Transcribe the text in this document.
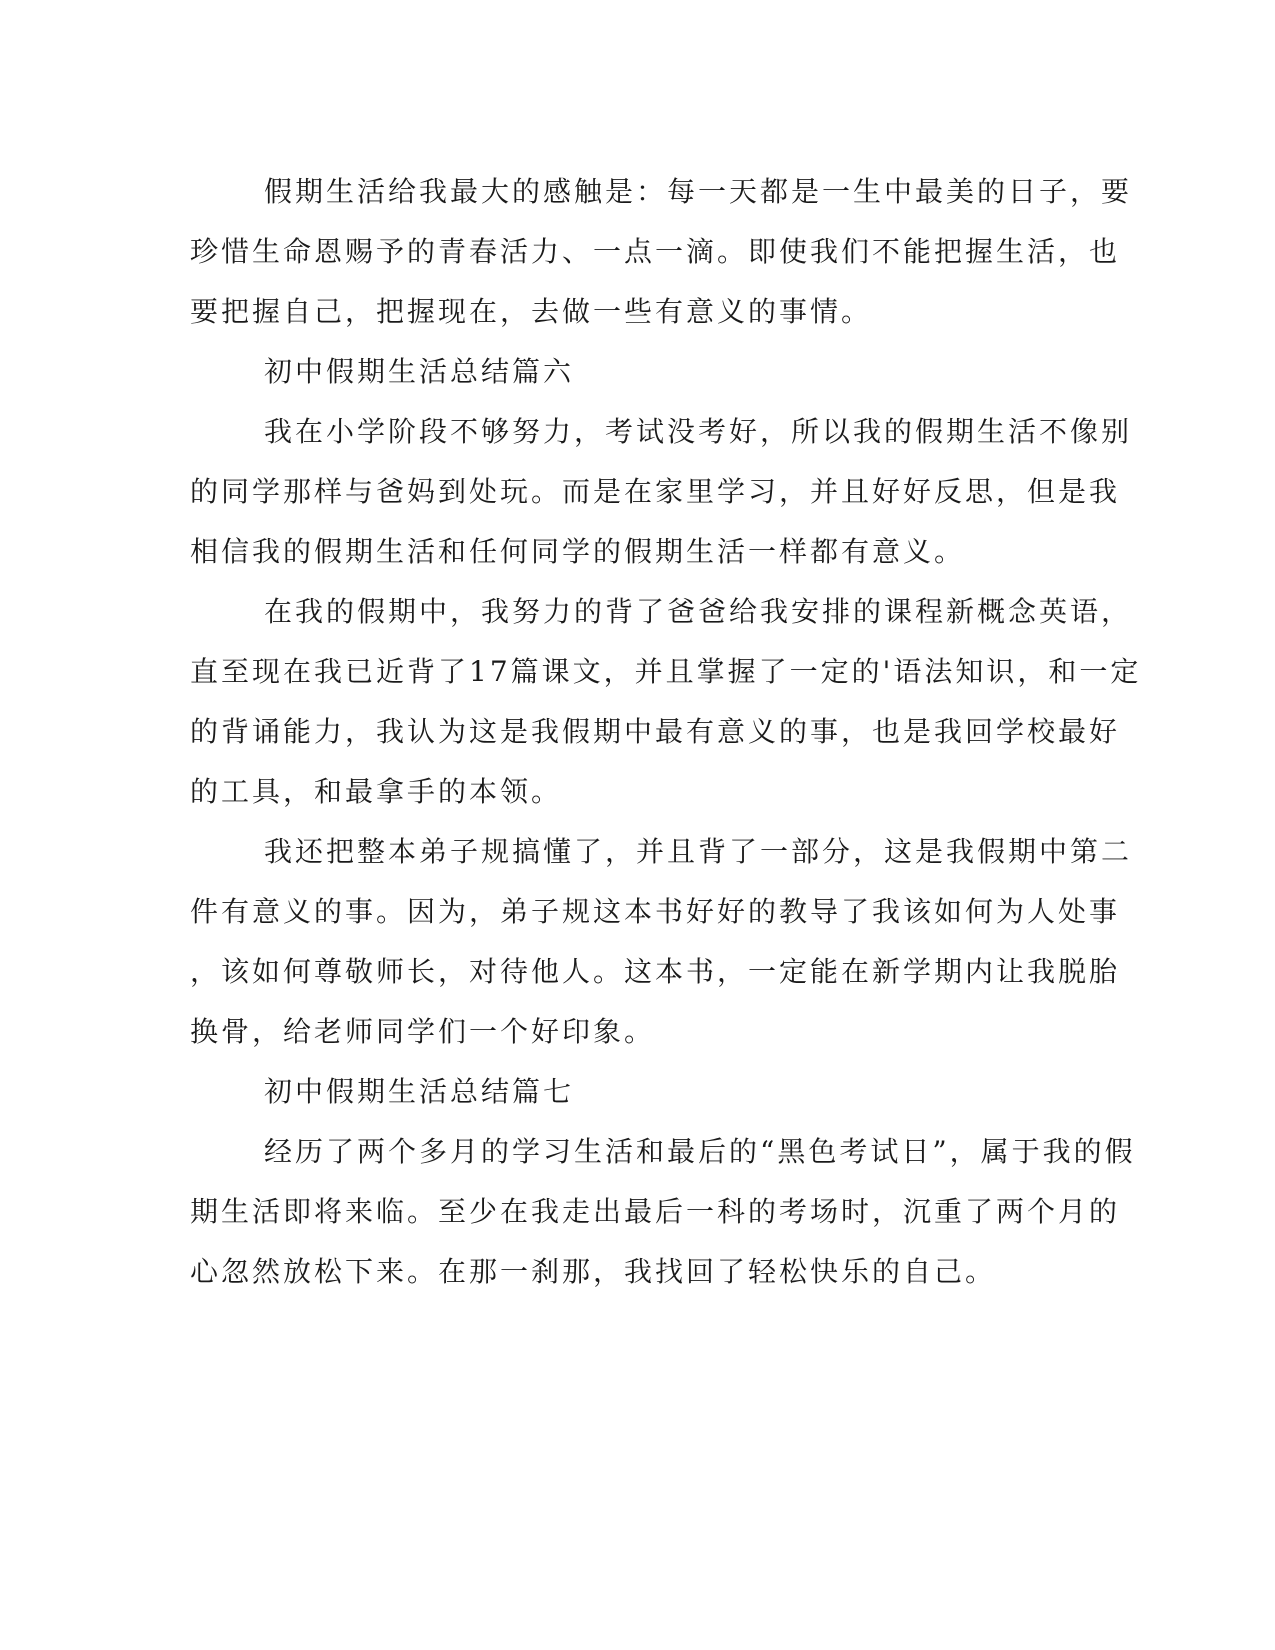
假期生活给我最大的感触是：每一天都是一生中最美的日子，要
珍惜生命恩赐予的青春活力、一点一滴。即使我们不能把握生活，也
要把握自己，把握现在，去做一些有意义的事情。
初中假期生活总结篇六
我在小学阶段不够努力，考试没考好，所以我的假期生活不像别
的同学那样与爸妈到处玩。而是在家里学习，并且好好反思，但是我
相信我的假期生活和任何同学的假期生活一样都有意义。
在我的假期中，我努力的背了爸爸给我安排的课程新概念英语，
直至现在我已近背了17篇课文，并且掌握了一定的'语法知识，和一定
的背诵能力，我认为这是我假期中最有意义的事，也是我回学校最好
的工具，和最拿手的本领。
我还把整本弟子规搞懂了，并且背了一部分，这是我假期中第二
件有意义的事。因为，弟子规这本书好好的教导了我该如何为人处事
，该如何尊敬师长，对待他人。这本书，一定能在新学期内让我脱胎
换骨，给老师同学们一个好印象。
初中假期生活总结篇七
经历了两个多月的学习生活和最后的“黑色考试日”，属于我的假
期生活即将来临。至少在我走出最后一科的考场时，沉重了两个月的
心忽然放松下来。在那一刹那，我找回了轻松快乐的自己。
